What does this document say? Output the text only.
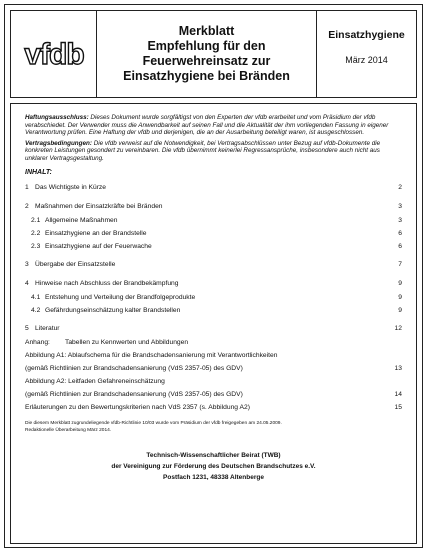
vfdb
Merkblatt
Empfehlung für den
Feuerwehreinsatz zur
Einsatzhygiene bei Bränden
Einsatzhygiene
März 2014
Haftungsausschluss: Dieses Dokument wurde sorgfältigst von den Experten der vfdb erarbeitet und vom Präsidium der vfdb verabschiedet. Der Verwender muss die Anwendbarkeit auf seinen Fall und die Aktualität der ihm vorliegenden Fassung in eigener Verantwortung prüfen. Eine Haftung der vfdb und derjenigen, die an der Ausarbeitung beteiligt waren, ist ausgeschlossen.
Vertragsbedingungen: Die vfdb verweist auf die Notwendigkeit, bei Vertragsabschlüssen unter Bezug auf vfdb-Dokumente die konkreten Leistungen gesondert zu vereinbaren. Die vfdb übernimmt keinerlei Regressansprüche, insbesondere auch nicht aus unklarer Vertragsgestaltung.
INHALT:
1 Das Wichtigste in Kürze	2
2 Maßnahmen der Einsatzkräfte bei Bränden	3
2.1 Allgemeine Maßnahmen	3
2.2 Einsatzhygiene an der Brandstelle	6
2.3 Einsatzhygiene auf der Feuerwache	6
3 Übergabe der Einsatzstelle	7
4 Hinweise nach Abschluss der Brandbekämpfung	9
4.1 Entstehung und Verteilung der Brandfolgeprodukte	9
4.2 Gefährdungseinschätzung kalter Brandstellen	9
5 Literatur	12
Anhang:	Tabellen zu Kennwerten und Abbildungen
Abbildung A1: Ablaufschema für die Brandschadensanierung mit Verantwortlichkeiten
(gemäß Richtlinien zur Brandschadensanierung (VdS 2357-05) des GDV)	13
Abbildung A2: Leitfaden Gefahreneinschätzung
(gemäß Richtlinien zur Brandschadensanierung (VdS 2357-05) des GDV)	14
Erläuterungen zu den Bewertungskriterien nach VdS 2357 (s. Abbildung A2)	15
Die diesem Merkblatt zugrundeliegende vfdb-Richtlinie 10/03 wurde vom Präsidium der vfdb freigegeben am 24.05.2009.
Redaktionelle Überarbeitung März 2014.
Technisch-Wissenschaftlicher Beirat (TWB)
der Vereinigung zur Förderung des Deutschen Brandschutzes e.V.
Postfach 1231, 48338 Altenberge
